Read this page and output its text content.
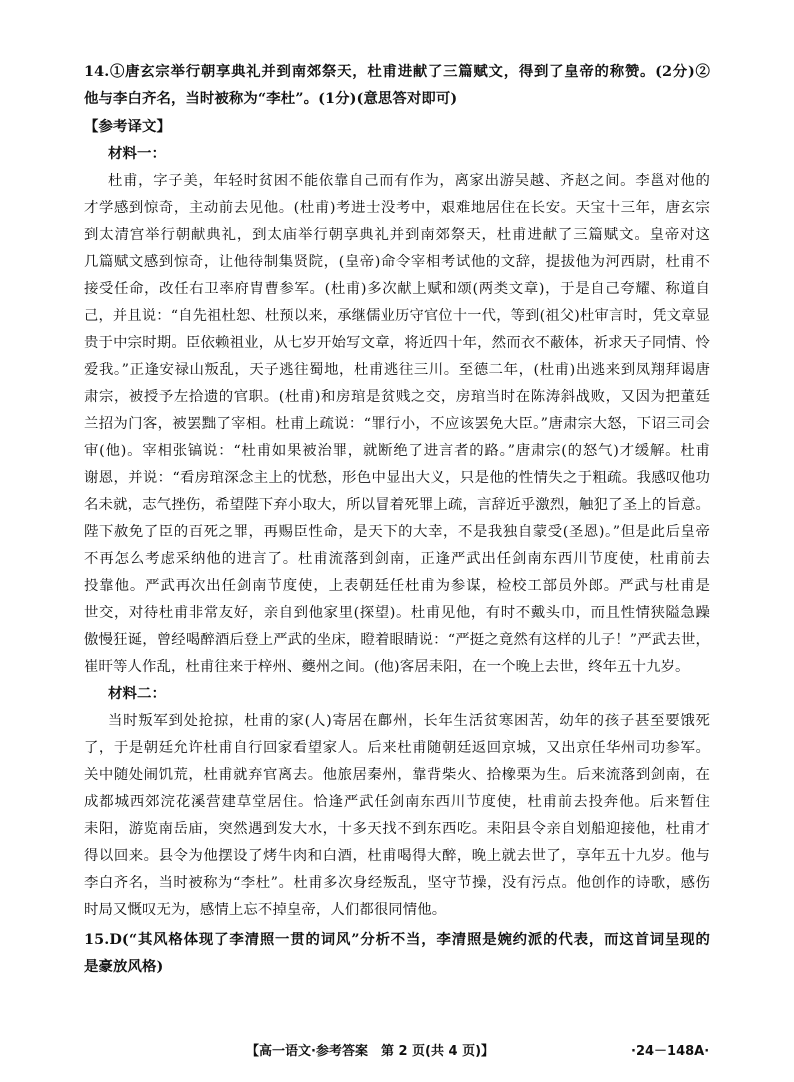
14.①唐玄宗举行朝享典礼并到南郊祭天，杜甫进献了三篇赋文，得到了皇帝的称赞。(2分)②
他与李白齐名，当时被称为“李杜”。(1分)(意思答对即可)
【参考译文】
材料一：
杜甫，字子美，年轻时贫困不能依靠自己而有作为，离家出游吴越、齐赵之间。李邕对他的
才学感到惊奇，主动前去见他。(杜甫)考进士没考中，艰难地居住在长安。天宝十三年，唐玄宗
到太清宫举行朝献典礼，到太庙举行朝享典礼并到南郊祭天，杜甫进献了三篇赋文。皇帝对这
几篇赋文感到惊奇，让他待制集贤院，(皇帝)命令宰相考试他的文辞，提拔他为河西尉，杜甫不
接受任命，改任右卫率府胄曹参军。(杜甫)多次献上赋和颂(两类文章)，于是自己夸耀、称道自
己，并且说：“自先祖杜恕、杜预以来，承继儒业历守官位十一代，等到(祖父)杜审言时，凭文章显
贵于中宗时期。臣依赖祖业，从七岁开始写文章，将近四十年，然而衣不蔽体，祈求天子同情、怜
爱我。”正逢安禄山叛乱，天子逃往蜀地，杜甫逃往三川。至德二年，(杜甫)出逃来到凤翔拜谒唐
肃宗，被授予左拾遗的官职。(杜甫)和房琯是贫贱之交，房琯当时在陈涛斜战败，又因为把董廷
兰招为门客，被罢黜了宰相。杜甫上疏说：“罪行小，不应该罢免大臣。”唐肃宗大怒，下诏三司会
审(他)。宰相张镐说：“杜甫如果被治罪，就断绝了进言者的路。”唐肃宗(的怒气)才缓解。杜甫
谢恩，并说：“看房琯深念主上的忧愁，形色中显出大义，只是他的性情失之于粗疏。我感叹他功
名未就，志气挫伤，希望陛下弃小取大，所以冒着死罪上疏，言辞近乎激烈，触犯了圣上的旨意。
陛下赦免了臣的百死之罪，再赐臣性命，是天下的大幸，不是我独自蒙受(圣恩)。”但是此后皇帝
不再怎么考虑采纳他的进言了。杜甫流落到剑南，正逢严武出任剑南东西川节度使，杜甫前去
投靠他。严武再次出任剑南节度使，上表朝廷任杜甫为参谋，检校工部员外郎。严武与杜甫是
世交，对待杜甫非常友好，亲自到他家里(探望)。杜甫见他，有时不戴头巾，而且性情狭隘急躁
傲慢狂诞，曾经喝醉酒后登上严武的坐床，瞪着眼睛说：“严挺之竟然有这样的儿子！”严武去世，
崔旰等人作乱，杜甫往来于梓州、夔州之间。(他)客居耒阳，在一个晚上去世，终年五十九岁。
材料二：
当时叛军到处抢掠，杜甫的家(人)寄居在鄜州，长年生活贫寒困苦，幼年的孩子甚至要饿死
了，于是朝廷允许杜甫自行回家看望家人。后来杜甫随朝廷返回京城，又出京任华州司功参军。
关中随处闹饥荒，杜甫就弃官离去。他旅居秦州，靠背柴火、拾橡栗为生。后来流落到剑南，在
成都城西郊浣花溪营建草堂居住。恰逢严武任剑南东西川节度使，杜甫前去投奔他。后来暂住
耒阳，游览南岳庙，突然遇到发大水，十多天找不到东西吃。耒阳县令亲自划船迎接他，杜甫才
得以回来。县令为他摆设了烤牛肉和白酒，杜甫喝得大醉，晚上就去世了，享年五十九岁。他与
李白齐名，当时被称为“李杜”。杜甫多次身经叛乱，坚守节操，没有污点。他创作的诗歌，感伤
时局又慨叹无为，感情上忘不掉皇帝，人们都很同情他。
15.D(“其风格体现了李清照一贯的词风”分析不当，李清照是婉约派的代表，而这首词呈现的
是豪放风格)
【高一语文·参考答案　第 2 页(共 4 页)】	·24－148A·
